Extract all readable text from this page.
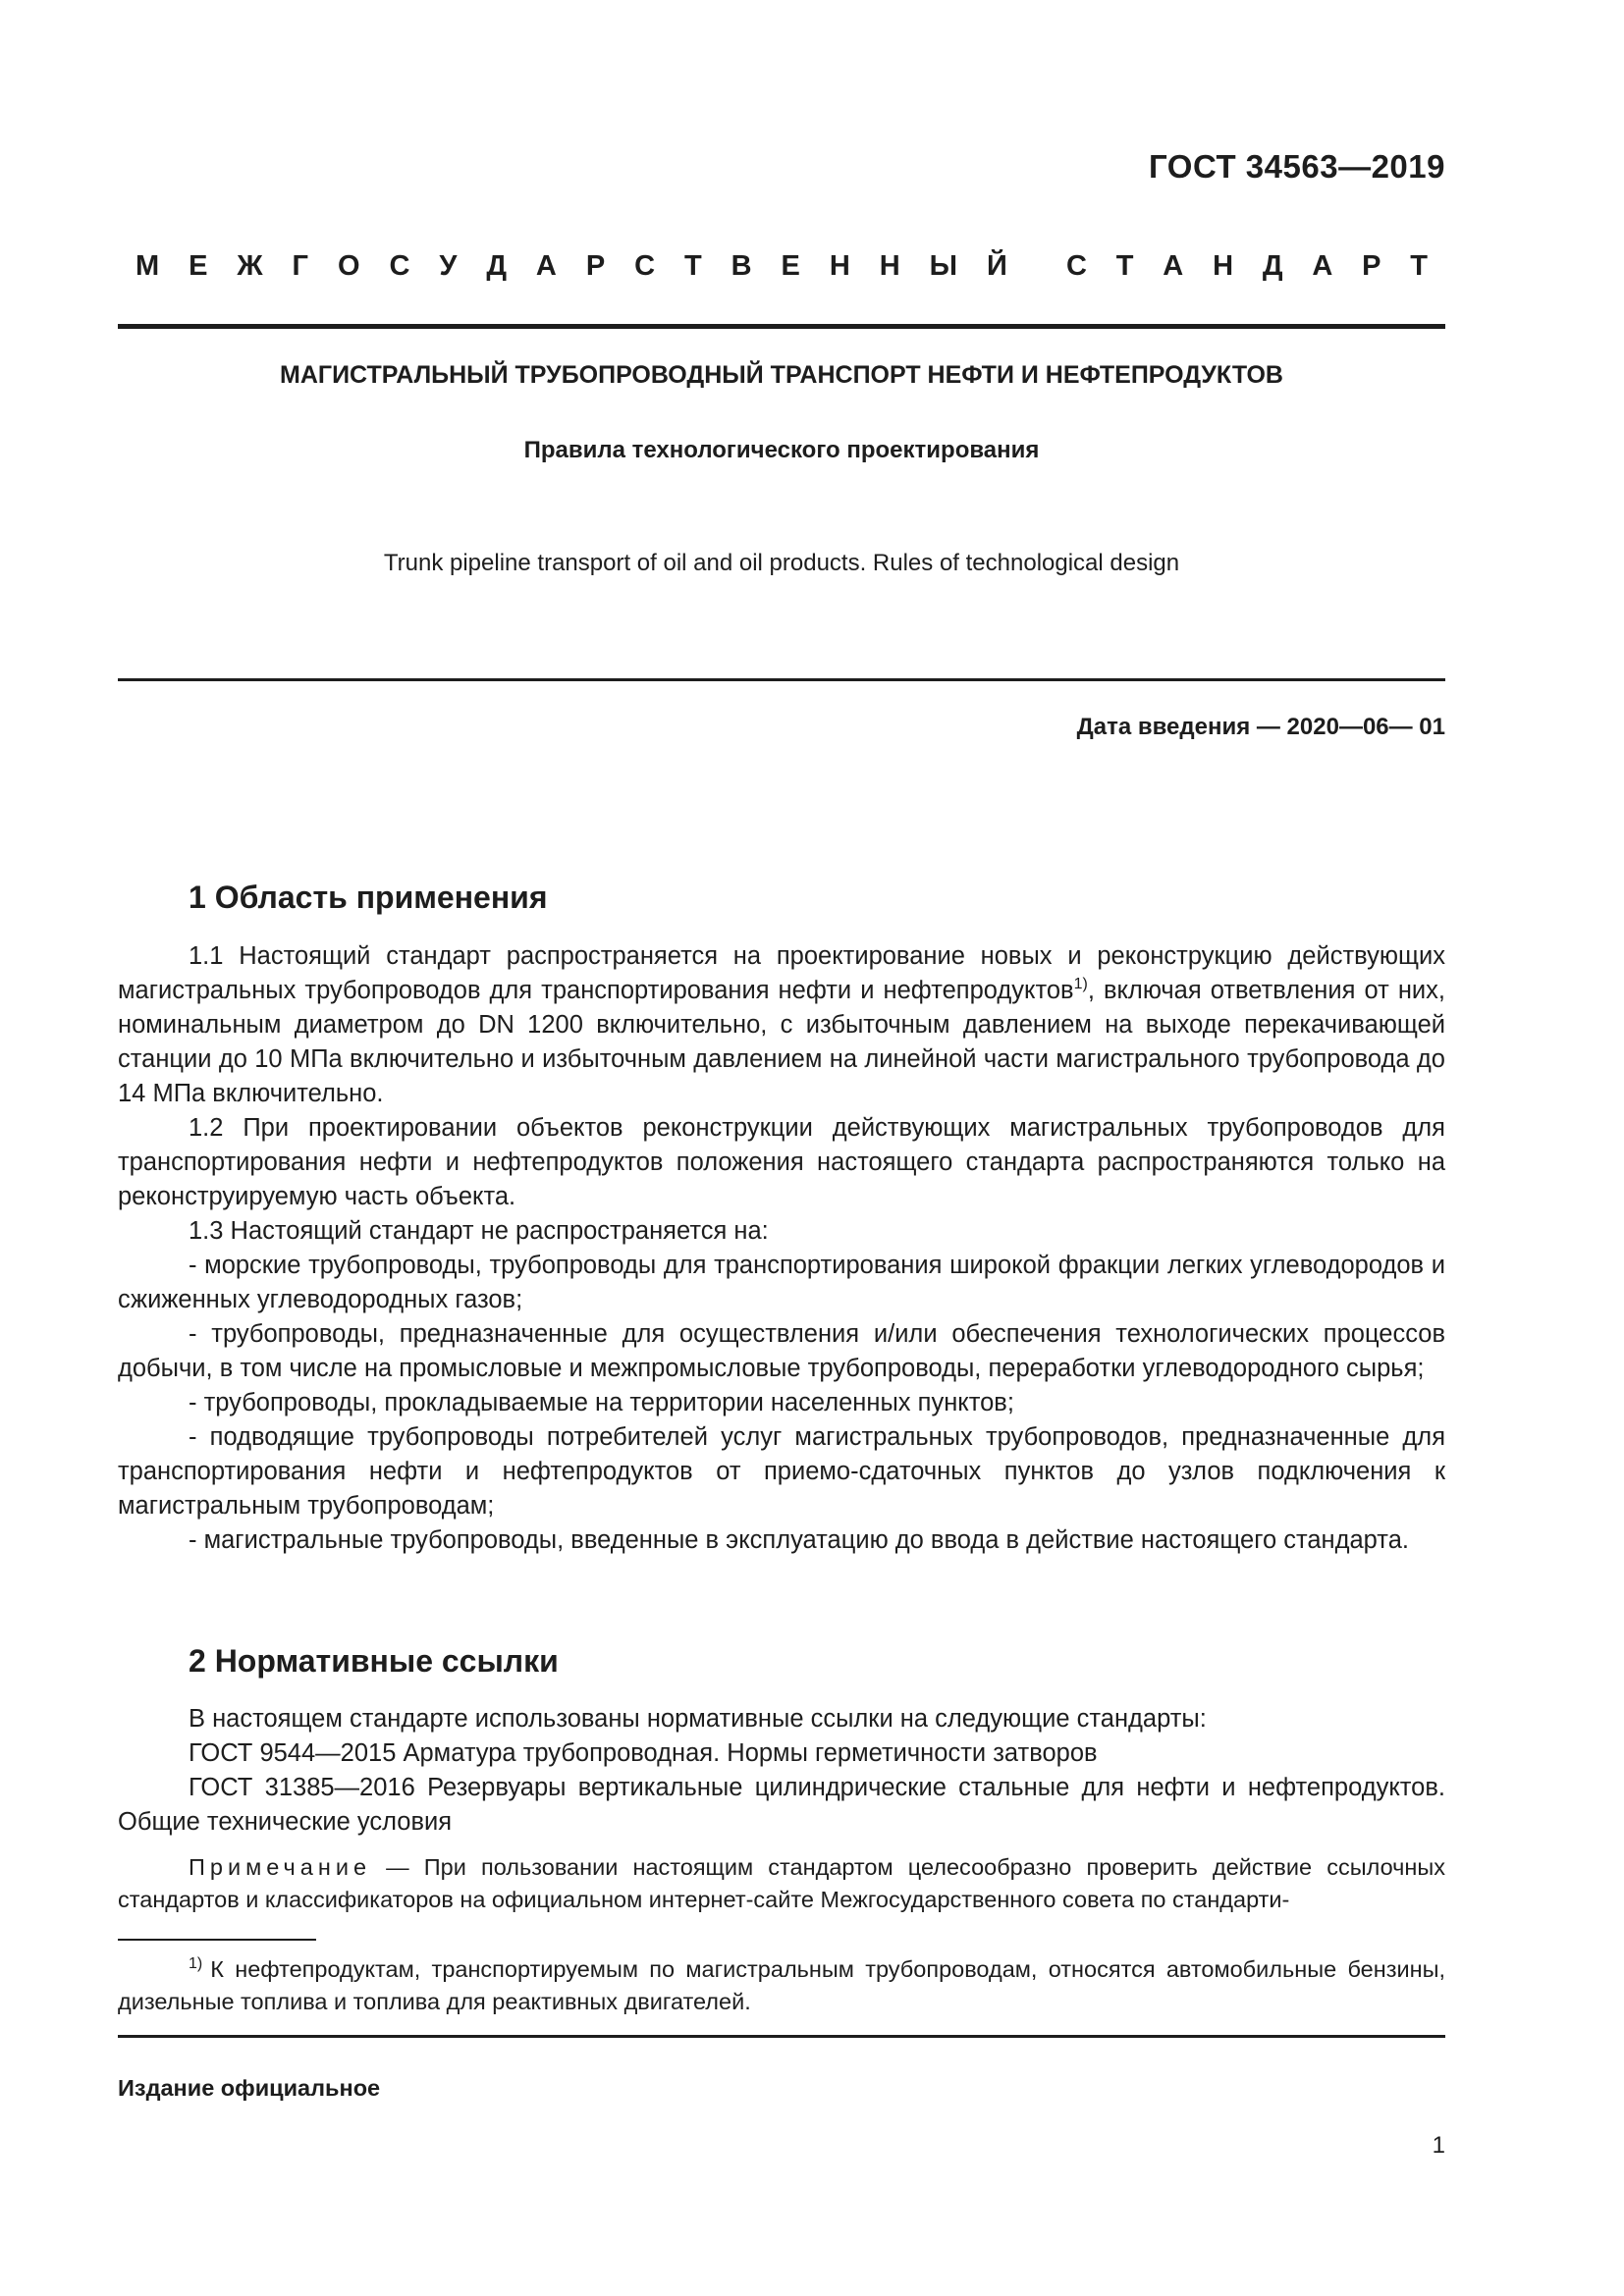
ГОСТ 34563—2019
М Е Ж Г О С У Д А Р С Т В Е Н Н Ы Й С Т А Н Д А Р Т
МАГИСТРАЛЬНЫЙ ТРУБОПРОВОДНЫЙ ТРАНСПОРТ НЕФТИ И НЕФТЕПРОДУКТОВ
Правила технологического проектирования
Trunk pipeline transport of oil and oil products. Rules of technological design
Дата введения — 2020—06— 01
1 Область применения

1.1 Настоящий стандарт распространяется на проектирование новых и реконструкцию действующих магистральных трубопроводов для транспортирования нефти и нефтепродуктов$^{1)}$, включая ответвления от них, номинальным диаметром до DN 1200 включительно, с избыточным давлением на выходе перекачивающей станции до 10 МПа включительно и избыточным давлением на линейной части магистрального трубопровода до 14 МПа включительно.

1.2 При проектировании объектов реконструкции действующих магистральных трубопроводов для транспортирования нефти и нефтепродуктов положения настоящего стандарта распространяются только на реконструируемую часть объекта.

1.3 Настоящий стандарт не распространяется на:

- морские трубопроводы, трубопроводы для транспортирования широкой фракции легких углеводородов и сжиженных углеводородных газов;

- трубопроводы, предназначенные для осуществления и/или обеспечения технологических процессов добычи, в том числе на промысловые и межпромысловые трубопроводы, переработки углеводородного сырья;

- трубопроводы, прокладываемые на территории населенных пунктов;

- подводящие трубопроводы потребителей услуг магистральных трубопроводов, предназначенные для транспортирования нефти и нефтепродуктов от приемо-сдаточных пунктов до узлов подключения к магистральным трубопроводам;

- магистральные трубопроводы, введенные в эксплуатацию до ввода в действие настоящего стандарта.

2 Нормативные ссылки

В настоящем стандарте использованы нормативные ссылки на следующие стандарты:

ГОСТ 9544—2015 Арматура трубопроводная. Нормы герметичности затворов

ГОСТ 31385—2016 Резервуары вертикальные цилиндрические стальные для нефти и нефтепродуктов. Общие технические условия

Примечание — При пользовании настоящим стандартом целесообразно проверить действие ссылочных стандартов и классификаторов на официальном интернет-сайте Межгосударственного совета по стандарти-
$^{1)}$ К нефтепродуктам, транспортируемым по магистральным трубопроводам, относятся автомобильные бензины, дизельные топлива и топлива для реактивных двигателей.
Издание официальное
1
